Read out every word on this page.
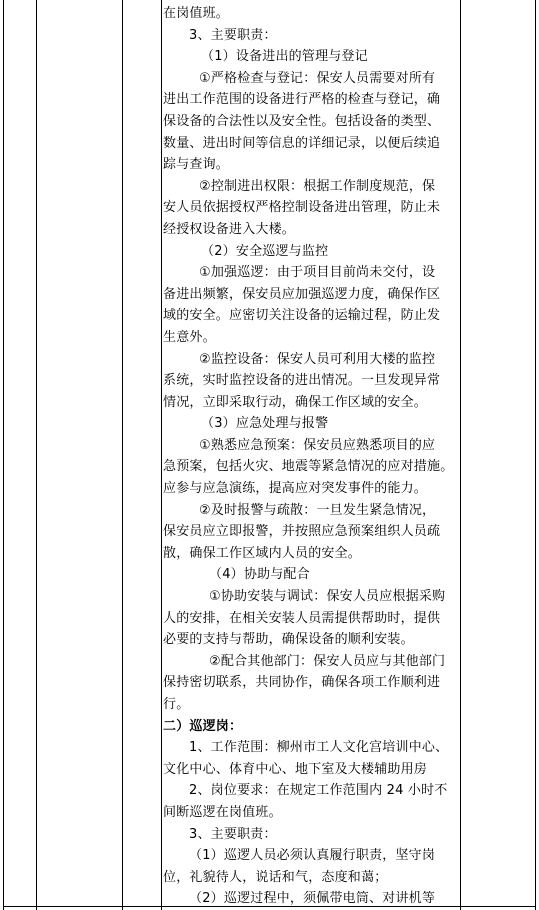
在岗值班。
3、主要职责：
（1）设备进出的管理与登记
①严格检查与登记：保安人员需要对所有
进出工作范围的设备进行严格的检查与登记，确
保设备的合法性以及安全性。包括设备的类型、
数量、进出时间等信息的详细记录，以便后续追
踪与查询。
②控制进出权限：根据工作制度规范，保
安人员依据授权严格控制设备进出管理，防止未
经授权设备进入大楼。
（2）安全巡逻与监控
①加强巡逻：由于项目目前尚未交付，设
备进出频繁，保安员应加强巡逻力度，确保作区
域的安全。应密切关注设备的运输过程，防止发
生意外。
②监控设备：保安人员可利用大楼的监控
系统，实时监控设备的进出情况。一旦发现异常
情况，立即采取行动，确保工作区域的安全。
（3）应急处理与报警
①熟悉应急预案：保安员应熟悉项目的应
急预案，包括火灾、地震等紧急情况的应对措施。
应参与应急演练，提高应对突发事件的能力。
②及时报警与疏散：一旦发生紧急情况，
保安员应立即报警，并按照应急预案组织人员疏
散，确保工作区域内人员的安全。
（4）协助与配合
①协助安装与调试：保安人员应根据采购
人的安排，在相关安装人员需提供帮助时，提供
必要的支持与帮助，确保设备的顺利安装。
②配合其他部门：保安人员应与其他部门
保持密切联系，共同协作，确保各项工作顺利进
行。
二）巡逻岗：
1、工作范围：柳州市工人文化宫培训中心、
文化中心、体育中心、地下室及大楼辅助用房
2、岗位要求：在规定工作范围内 24 小时不
间断巡逻在岗值班。
3、主要职责：
（1）巡逻人员必须认真履行职责，坚守岗
位，礼貌待人，说话和气，态度和蔼；
（2）巡逻过程中，须佩带电筒、对讲机等
